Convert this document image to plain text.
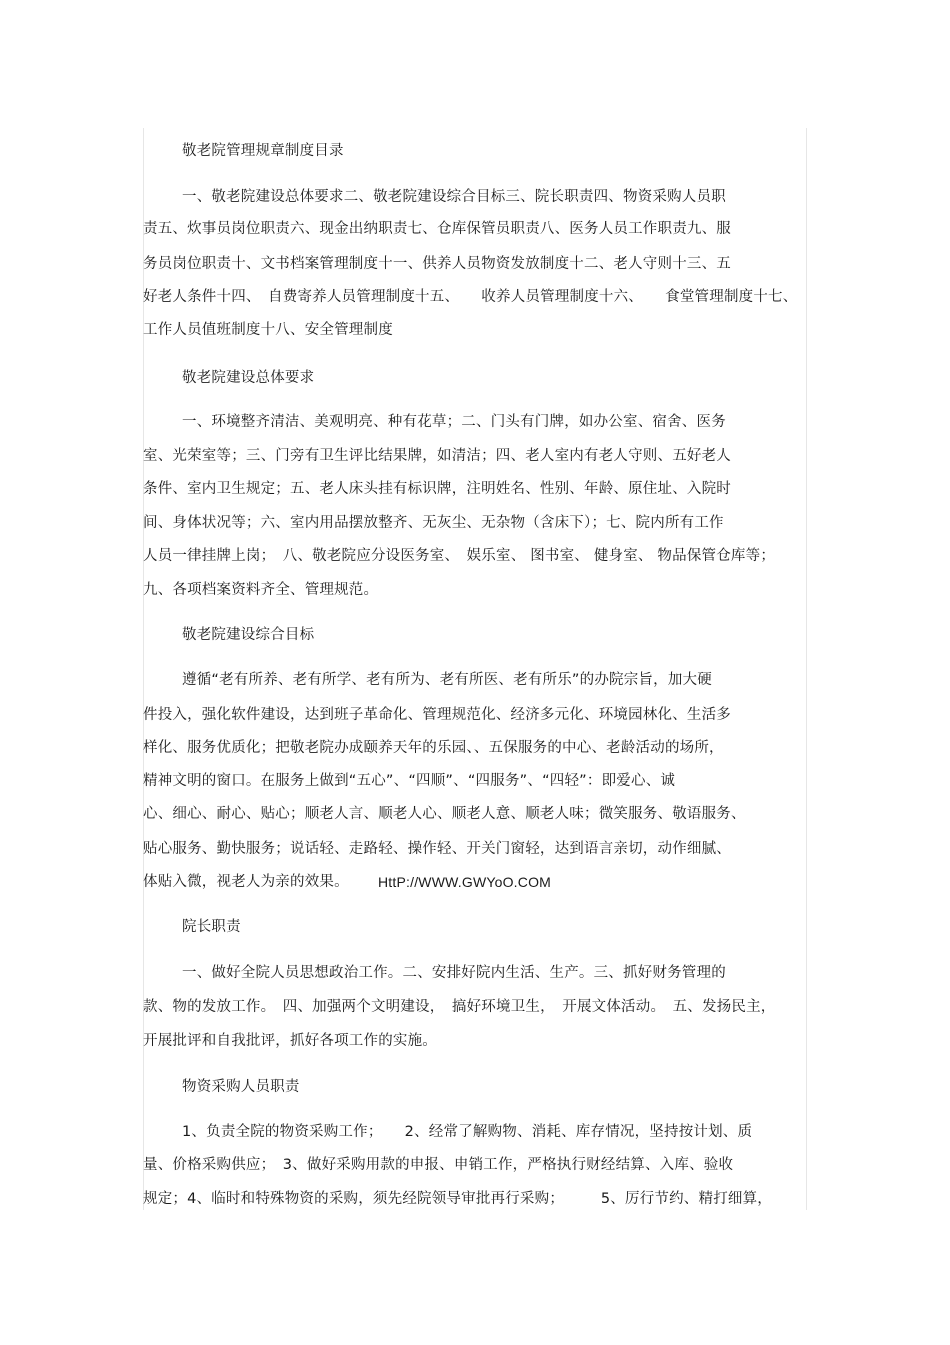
敬老院管理规章制度目录
一、敬老院建设总体要求二、敬老院建设综合目标三、院长职责四、物资采购人员职
责五、炊事员岗位职责六、现金出纳职责七、仓库保管员职责八、医务人员工作职责九、服
务员岗位职责十、文书档案管理制度十一、供养人员物资发放制度十二、老人守则十三、五
好老人条件十四、　自费寄养人员管理制度十五、　　收养人员管理制度十六、　　食堂管理制度十七、
工作人员值班制度十八、安全管理制度
敬老院建设总体要求
一、环境整齐清洁、美观明亮、种有花草；二、门头有门牌，如办公室、宿舍、医务
室、光荣室等；三、门旁有卫生评比结果牌，如清洁；四、老人室内有老人守则、五好老人
条件、室内卫生规定；五、老人床头挂有标识牌，注明姓名、性别、年龄、原住址、入院时
间、身体状况等；六、室内用品摆放整齐、无灰尘、无杂物（含床下）；七、院内所有工作
人员一律挂牌上岗；　八、敬老院应分设医务室、　娱乐室、 图书室、 健身室、 物品保管仓库等；
九、各项档案资料齐全、管理规范。
敬老院建设综合目标
遵循“老有所养、老有所学、老有所为、老有所医、老有所乐”的办院宗旨，加大硬
件投入，强化软件建设，达到班子革命化、管理规范化、经济多元化、环境园林化、生活多
样化、服务优质化；把敬老院办成颐养天年的乐园、、五保服务的中心、老龄活动的场所，
精神文明的窗口。在服务上做到“五心”、“四顺”、“四服务”、“四轻”：即爱心、诚
心、细心、耐心、贴心；顺老人言、顺老人心、顺老人意、顺老人味；微笑服务、敬语服务、
贴心服务、勤快服务；说话轻、走路轻、操作轻、开关门窗轻，达到语言亲切，动作细腻、
体贴入微，视老人为亲的效果。 HttP://WWW.GWYoO.COM
院长职责
一、做好全院人员思想政治工作。二、安排好院内生活、生产。三、抓好财务管理的
款、物的发放工作。　四、加强两个文明建设，　搞好环境卫生，　开展文体活动。　五、发扬民主，
开展批评和自我批评，抓好各项工作的实施。
物资采购人员职责
1、负责全院的物资采购工作；　　2、经常了解购物、消耗、库存情况，坚持按计划、质
量、价格采购供应；　3、做好采购用款的申报、申销工作，严格执行财经结算、入库、验收
规定；4、临时和特殊物资的采购，须先经院领导审批再行采购；　　　5、厉行节约、精打细算，
